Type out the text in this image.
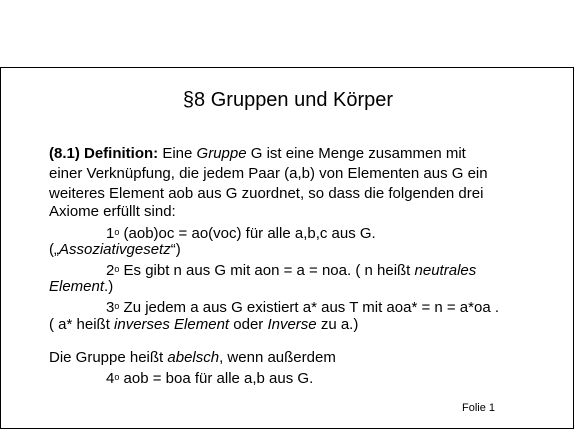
§8 Gruppen und Körper
(8.1) Definition: Eine Gruppe G ist eine Menge zusammen mit
einer Verknüpfung, die jedem Paar (a,b) von Elementen aus G ein
weiteres Element aob aus G zuordnet, so dass die folgenden drei
Axiome erfüllt sind:
1$^o$ (aob)oc = ao(voc) für alle a,b,c aus G.
(„Assoziativgesetz“)
2$^o$ Es gibt n aus G mit aon = a = noa. ( n heißt neutrales
Element.)
3$^o$ Zu jedem a aus G existiert a* aus T mit aoa* = n = a*oa .
( a* heißt inverses Element oder Inverse zu a.)
Die Gruppe heißt abelsch, wenn außerdem
4$^o$ aob = boa für alle a,b aus G.
Folie 1
